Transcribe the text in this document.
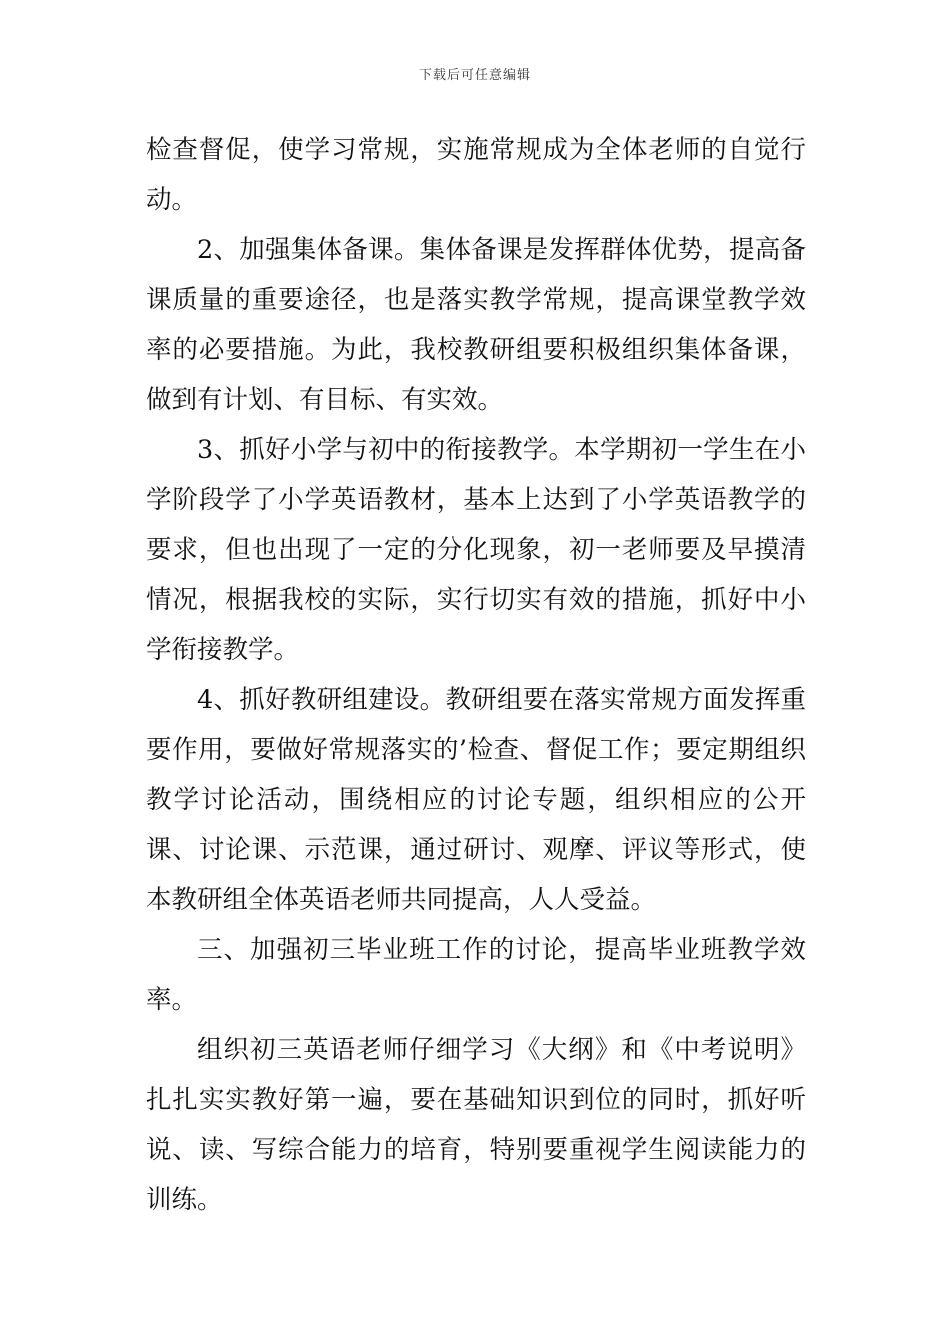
下载后可任意编辑

检查督促，使学习常规，实施常规成为全体老师的自觉行动。

2、加强集体备课。集体备课是发挥群体优势，提高备课质量的重要途径，也是落实教学常规，提高课堂教学效率的必要措施。为此，我校教研组要积极组织集体备课，做到有计划、有目标、有实效。

3、抓好小学与初中的衔接教学。本学期初一学生在小学阶段学了小学英语教材，基本上达到了小学英语教学的要求，但也出现了一定的分化现象，初一老师要及早摸清情况，根据我校的实际，实行切实有效的措施，抓好中小学衔接教学。

4、抓好教研组建设。教研组要在落实常规方面发挥重要作用，要做好常规落实的’检查、督促工作；要定期组织教学讨论活动，围绕相应的讨论专题，组织相应的公开课、讨论课、示范课，通过研讨、观摩、评议等形式，使本教研组全体英语老师共同提高，人人受益。

三、加强初三毕业班工作的讨论，提高毕业班教学效率。

组织初三英语老师仔细学习《大纲》和《中考说明》扎扎实实教好第一遍，要在基础知识到位的同时，抓好听说、读、写综合能力的培育，特别要重视学生阅读能力的训练。
